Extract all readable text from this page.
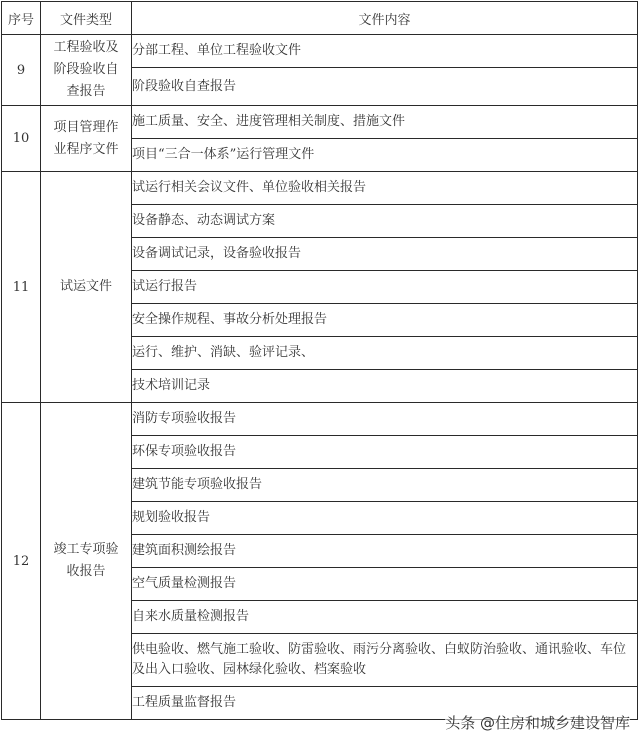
序号	文件类型	文件内容
9	工程验收及阶段验收自查报告	分部工程、单位工程验收文件
		阶段验收自查报告
10	项目管理作业程序文件	施工质量、安全、进度管理相关制度、措施文件
		项目“三合一体系”运行管理文件
11	试运文件	试运行相关会议文件、单位验收相关报告
		设备静态、动态调试方案
		设备调试记录，设备验收报告
		试运行报告
		安全操作规程、事故分析处理报告
		运行、维护、消缺、验评记录、
		技术培训记录
12	竣工专项验收报告	消防专项验收报告
		环保专项验收报告
		建筑节能专项验收报告
		规划验收报告
		建筑面积测绘报告
		空气质量检测报告
		自来水质量检测报告
		供电验收、燃气施工验收、防雷验收、雨污分离验收、白蚁防治验收、通讯验收、车位及出入口验收、园林绿化验收、档案验收
		工程质量监督报告
头条 @住房和城乡建设智库
